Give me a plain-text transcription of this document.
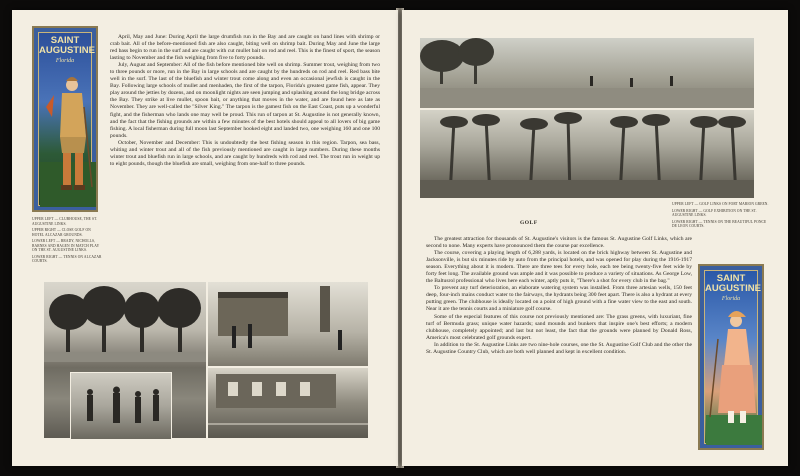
SAINT
AUGUSTINE
Florida
UPPER LEFT — CLUBHOUSE, THE ST. AUGUSTINE LINKS.
UPPER RIGHT — CLOSE GOLF ON HOTEL ALCAZAR GROUNDS.
LOWER LEFT — BRADY, NICHOLLS, BARNES AND HAGEN IN MATCH PLAY ON THE ST. AUGUSTINE LINKS.
LOWER RIGHT — TENNIS ON ALCAZAR COURTS.

April, May and June: During April the large drumfish run in the Bay and are caught on hand lines with shrimp or crab bait. All of the before-mentioned fish are also caught, biting well on shrimp bait. During May and June the large red bass begin to run in the surf and are caught with cut mullet bait on rod and reel. This is the finest of sport, the season lasting to November and the fish weighing from five to forty pounds.

July, August and September: All of the fish before mentioned bite well on shrimp. Summer trout, weighing from two to three pounds or more, run in the Bay in large schools and are caught by the hundreds on rod and reel. Red bass bite well in the surf. The last of the bluefish and winter trout come along and even an occasional jewfish is caught in the Bay. Following large schools of mullet and menhaden, the first of the tarpon, Florida's greatest game fish, appear. They play around the jetties by dozens, and on moonlight nights are seen jumping and splashing around the long bridge across the Bay. They strike at live mullet, spoon bait, or anything that moves in the water, and are found here as late as November. They are well-called the "Silver King." The tarpon is the gamest fish on the East Coast, puts up a wonderful fight, and the fisherman who lands one may well be proud. This run of tarpon at St. Augustine is not generally known, and the fact that the fishing grounds are within a few minutes of the best hotels should appeal to all lovers of big game fishing. A local fisherman during full moon last September hooked eight and landed two, one weighing 160 and one 100 pounds.

October, November and December: This is undoubtedly the best fishing season in this region. Tarpon, sea bass, whiting and winter trout and all of the fish previously mentioned are caught in large numbers. During these months winter trout and bluefish run in large schools, and are caught by hundreds with rod and reel. The trout run in weight up to eight pounds, though the bluefish are small, weighing from one-half to three pounds.

UPPER LEFT — GOLF LINKS ON FORT MARION GREEN.
LOWER RIGHT — GOLF EXHIBITION ON THE ST. AUGUSTINE LINKS.
LOWER RIGHT — TENNIS ON THE BEAUTIFUL PONCE DE LEON COURTS.
GOLF

The greatest attraction for thousands of St. Augustine's visitors is the famous St. Augustine Golf Links, which are second to none. Many experts have pronounced them the course par excellence.

The course, covering a playing length of 6,288 yards, is located on the brick highway between St. Augustine and Jacksonville, is but six minutes ride by auto from the principal hotels, and was opened for play during the 1916-1917 season. Everything about it is modern. There are three tees for every hole, each tee being twenty-five feet wide by forty feet long. The available ground was ample and it was possible to produce a variety of situations. As George Low, the Baltusrol professional who lives here each winter, aptly puts it, "There's a shot for every club in the bag."

To prevent any turf deterioration, an elaborate watering system was installed. From three artesian wells, 150 feet deep, four-inch mains conduct water to the fairways, the hydrants being 300 feet apart. There is also a hydrant at every putting green. The clubhouse is ideally located on a point of high ground with a fine water view to the east and south. Near it are the tennis courts and a miniature golf course.

Some of the especial features of this course not previously mentioned are: The grass greens, with luxuriant, fine turf of Bermuda grass; unique water hazards; sand mounds and bunkers that inspire one's best efforts; a modern clubhouse, completely appointed; and last but not least, the fact that the grounds were planned by Donald Ross, America's most celebrated golf grounds expert.

In addition to the St. Augustine Links are two nine-hole courses, one the St. Augustine Golf Club and the other the St. Augustine Country Club, which are both well planned and kept in excellent condition.

SAINT
AUGUSTINE
Florida
